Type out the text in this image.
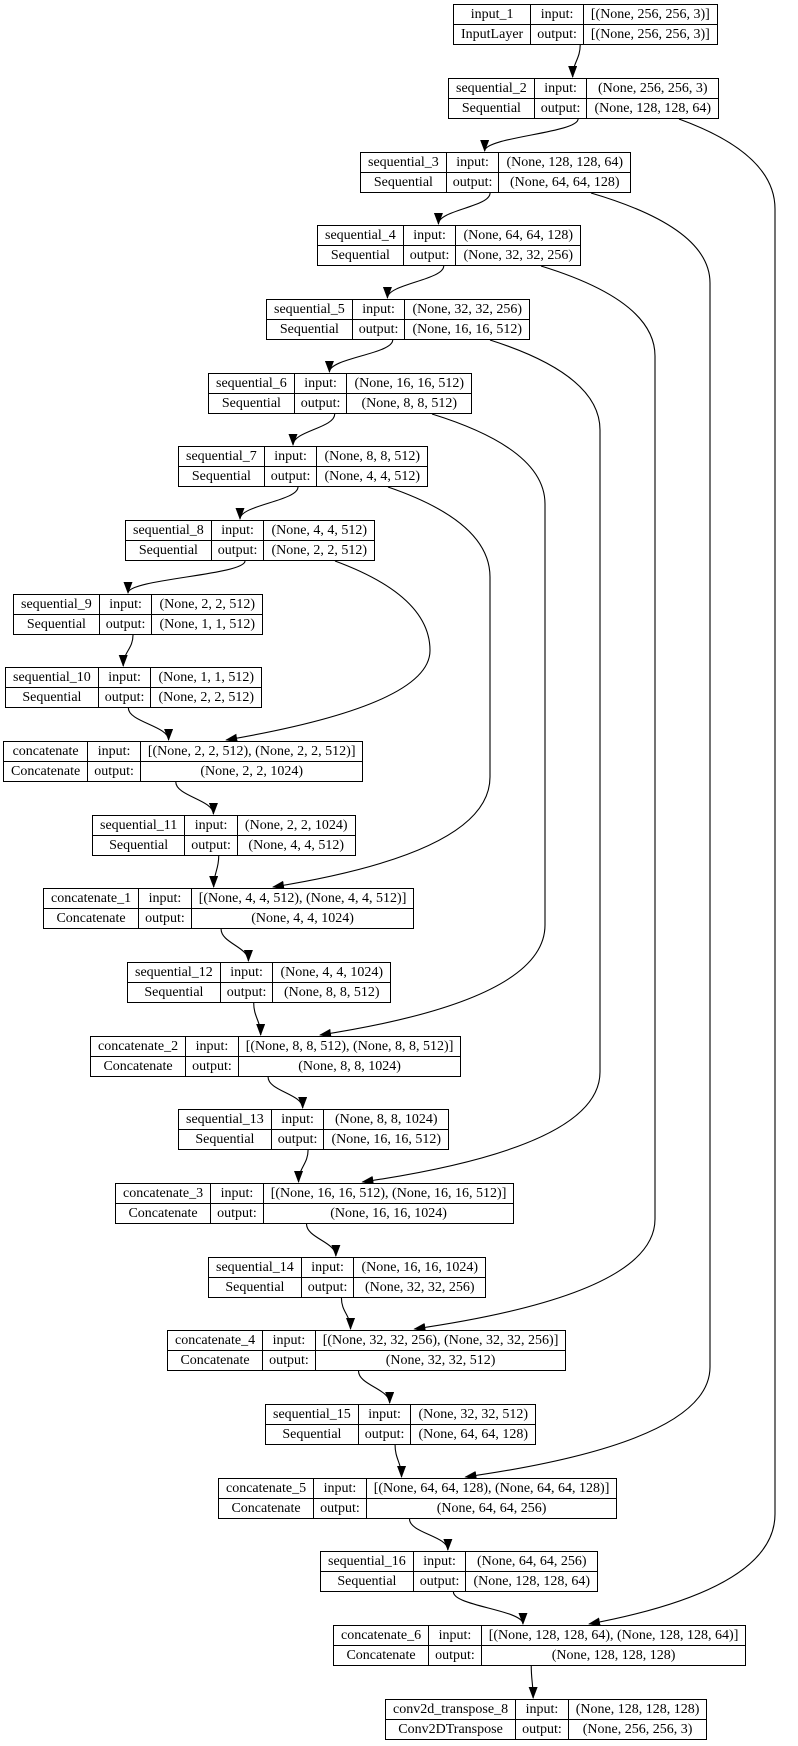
input_1	input:	[(None, 256, 256, 3)]
InputLayer	output:	[(None, 256, 256, 3)]
sequential_2	input:	(None, 256, 256, 3)
Sequential	output:	(None, 128, 128, 64)
sequential_3	input:	(None, 128, 128, 64)
Sequential	output:	(None, 64, 64, 128)
sequential_4	input:	(None, 64, 64, 128)
Sequential	output:	(None, 32, 32, 256)
sequential_5	input:	(None, 32, 32, 256)
Sequential	output:	(None, 16, 16, 512)
sequential_6	input:	(None, 16, 16, 512)
Sequential	output:	(None, 8, 8, 512)
sequential_7	input:	(None, 8, 8, 512)
Sequential	output:	(None, 4, 4, 512)
sequential_8	input:	(None, 4, 4, 512)
Sequential	output:	(None, 2, 2, 512)
sequential_9	input:	(None, 2, 2, 512)
Sequential	output:	(None, 1, 1, 512)
sequential_10	input:	(None, 1, 1, 512)
Sequential	output:	(None, 2, 2, 512)
concatenate	input:	[(None, 2, 2, 512), (None, 2, 2, 512)]
Concatenate	output:	(None, 2, 2, 1024)
sequential_11	input:	(None, 2, 2, 1024)
Sequential	output:	(None, 4, 4, 512)
concatenate_1	input:	[(None, 4, 4, 512), (None, 4, 4, 512)]
Concatenate	output:	(None, 4, 4, 1024)
sequential_12	input:	(None, 4, 4, 1024)
Sequential	output:	(None, 8, 8, 512)
concatenate_2	input:	[(None, 8, 8, 512), (None, 8, 8, 512)]
Concatenate	output:	(None, 8, 8, 1024)
sequential_13	input:	(None, 8, 8, 1024)
Sequential	output:	(None, 16, 16, 512)
concatenate_3	input:	[(None, 16, 16, 512), (None, 16, 16, 512)]
Concatenate	output:	(None, 16, 16, 1024)
sequential_14	input:	(None, 16, 16, 1024)
Sequential	output:	(None, 32, 32, 256)
concatenate_4	input:	[(None, 32, 32, 256), (None, 32, 32, 256)]
Concatenate	output:	(None, 32, 32, 512)
sequential_15	input:	(None, 32, 32, 512)
Sequential	output:	(None, 64, 64, 128)
concatenate_5	input:	[(None, 64, 64, 128), (None, 64, 64, 128)]
Concatenate	output:	(None, 64, 64, 256)
sequential_16	input:	(None, 64, 64, 256)
Sequential	output:	(None, 128, 128, 64)
concatenate_6	input:	[(None, 128, 128, 64), (None, 128, 128, 64)]
Concatenate	output:	(None, 128, 128, 128)
conv2d_transpose_8	input:	(None, 128, 128, 128)
Conv2DTranspose	output:	(None, 256, 256, 3)
